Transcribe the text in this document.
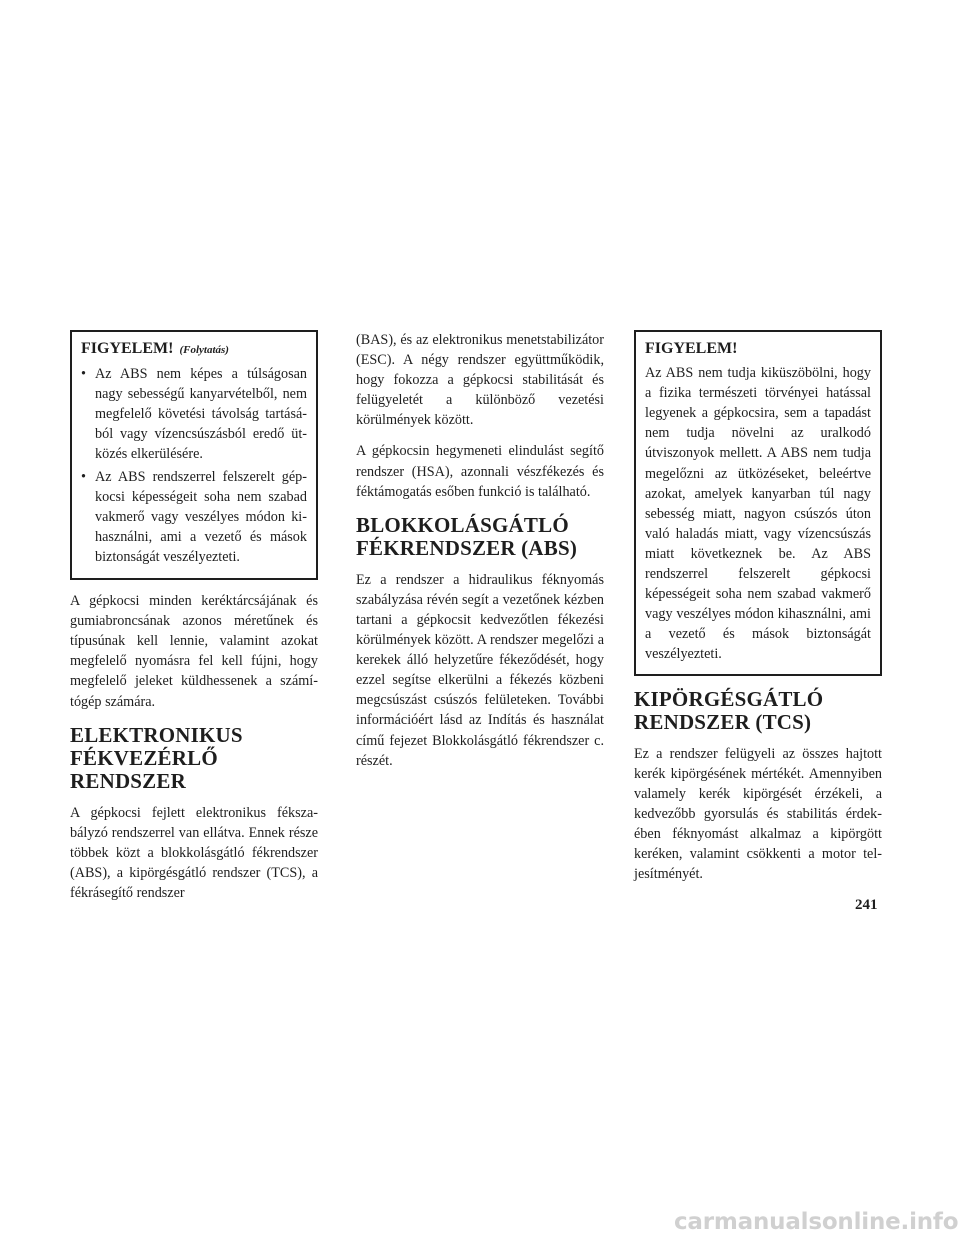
FIGYELEM! (Folytatás)
• Az ABS nem képes a túlságosan nagy sebességű kanyarvételből, nem megfelelő követési távolság tartásából vagy vízencsúszásból eredő ütközés elkerülésére.
• Az ABS rendszerrel felszerelt gépkocsi képességeit soha nem szabad vakmerő vagy veszélyes módon kihasználni, ami a vezető és mások biztonságát veszélyezteti.

A gépkocsi minden keréktárcsájának és gumiabroncsának azonos méretűnek és típusúnak kell lennie, valamint azokat megfelelő nyomásra fel kell fújni, hogy megfelelő jeleket küldhessenek a számítógép számára.

ELEKTRONIKUS FÉKVEZÉRLŐ RENDSZER

A gépkocsi fejlett elektronikus fékszabályzó rendszerrel van ellátva. Ennek része többek közt a blokkolásgátló fékrendszer (ABS), a kipörgésgátló rendszer (TCS), a fékrásegítő rendszer

(BAS), és az elektronikus menetstabilizátor (ESC). A négy rendszer együttműködik, hogy fokozza a gépkocsi stabilitását és felügyeletét a különböző vezetési körülmények között.

A gépkocsin hegymeneti elindulást segítő rendszer (HSA), azonnali vészfékezés és féktámogatás esőben funkció is található.

BLOKKOLÁSGÁTLÓ FÉKRENDSZER (ABS)

Ez a rendszer a hidraulikus féknyomás szabályzása révén segít a vezetőnek kézben tartani a gépkocsit kedvezőtlen fékezési körülmények között. A rendszer megelőzi a kerekek álló helyzetűre fékeződését, hogy ezzel segítse elkerülni a fékezés közbeni megcsúszást csúszós felületeken. További információért lásd az Indítás és használat című fejezet Blokkolásgátló fékrendszer c. részét.

FIGYELEM!

Az ABS nem tudja kiküszöbölni, hogy a fizika természeti törvényei hatással legyenek a gépkocsira, sem a tapadást nem tudja növelni az uralkodó útviszonyok mellett. A ABS nem tudja megelőzni az ütközéseket, beleértve azokat, amelyek kanyarban túl nagy sebesség miatt, nagyon csúszós úton való haladás miatt, vagy vízencsúszás miatt következnek be. Az ABS rendszerrel felszerelt gépkocsi képességeit soha nem szabad vakmerő vagy veszélyes módon kihasználni, ami a vezető és mások biztonságát veszélyezteti.

KIPÖRGÉSGÁTLÓ RENDSZER (TCS)

Ez a rendszer felügyeli az összes hajtott kerék kipörgésének mértékét. Amennyiben valamely kerék kipörgését érzékeli, a kedvezőbb gyorsulás és stabilitás érdekében féknyomást alkalmaz a kipörgött keréken, valamint csökkenti a motor teljesítményét.

241
carmanualsonline.info
